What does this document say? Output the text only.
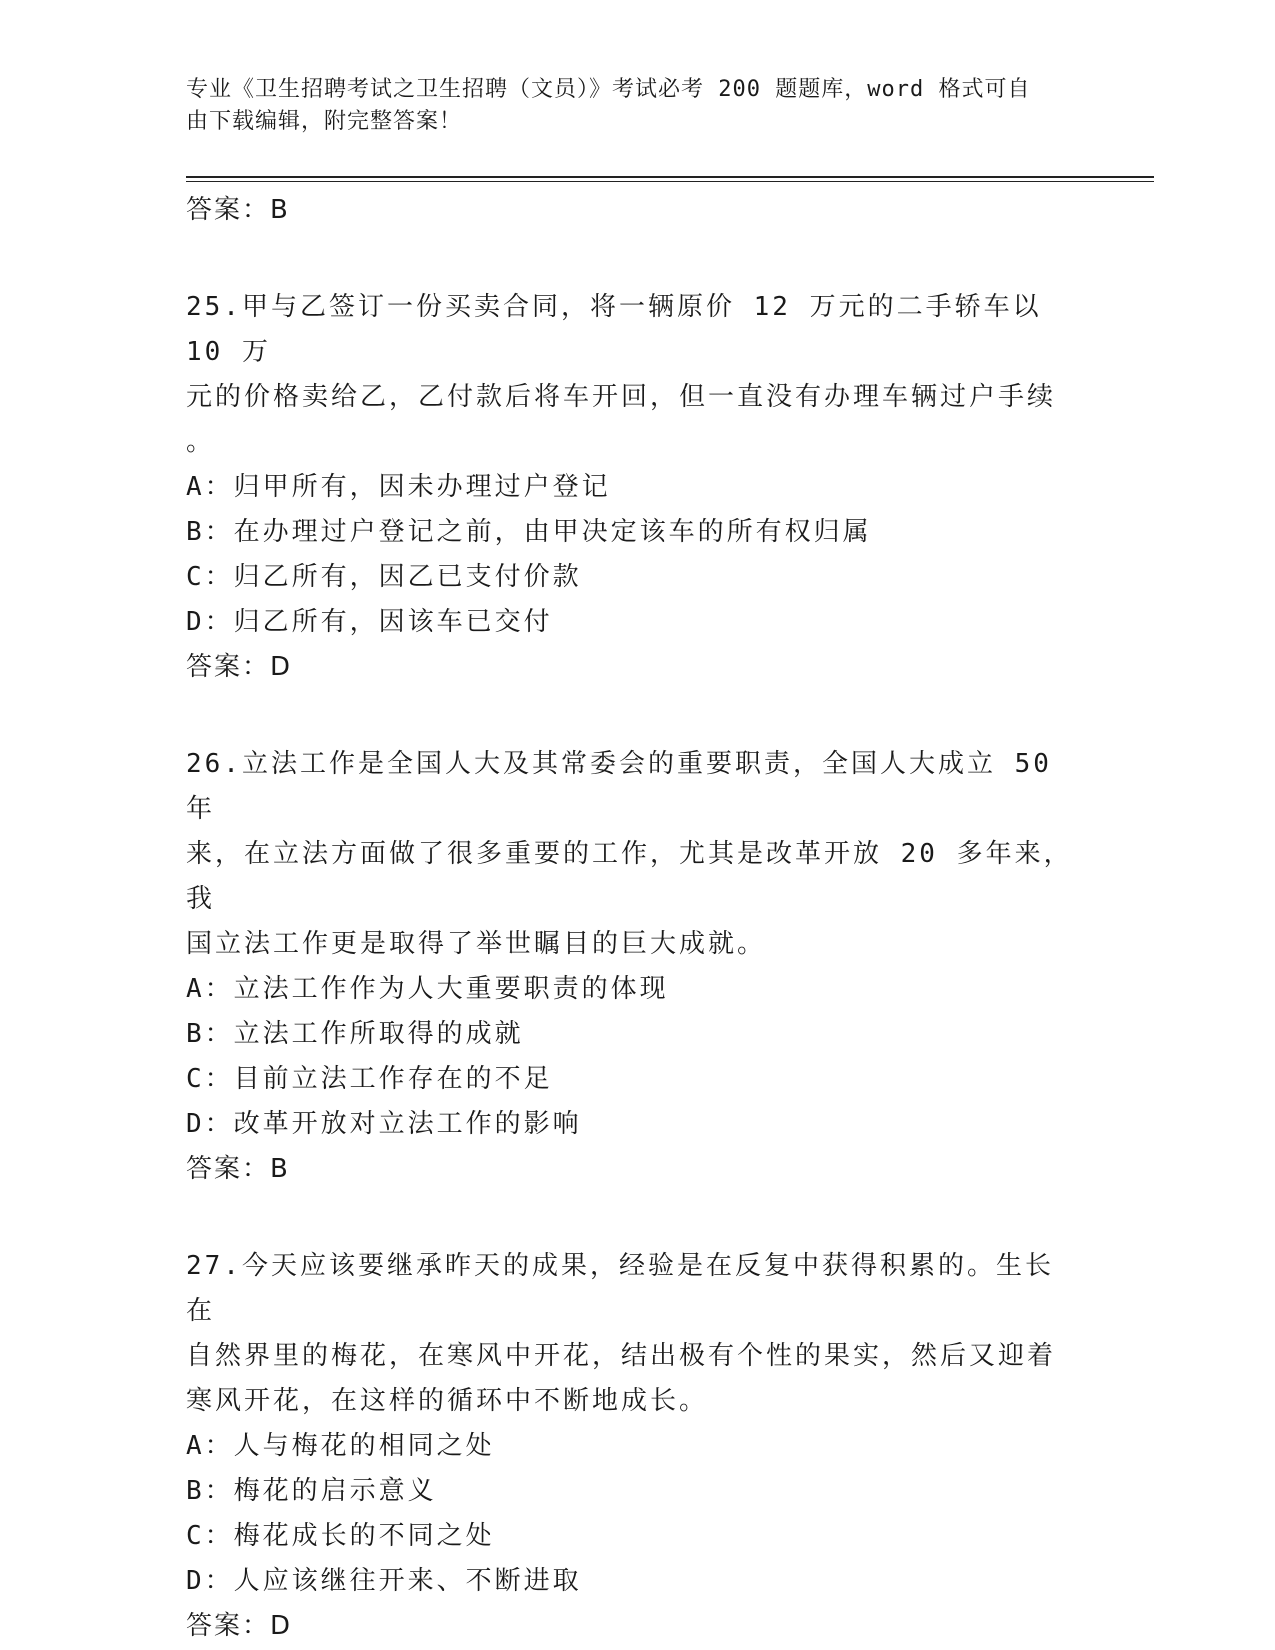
专业《卫生招聘考试之卫生招聘（文员）》考试必考 200 题题库，word 格式可自
由下载编辑，附完整答案！
答案：B
25.甲与乙签订一份买卖合同，将一辆原价 12 万元的二手轿车以 10 万
元的价格卖给乙，乙付款后将车开回，但一直没有办理车辆过户手续
。
A：归甲所有，因未办理过户登记
B：在办理过户登记之前，由甲决定该车的所有权归属
C：归乙所有，因乙已支付价款
D：归乙所有，因该车已交付
答案：D
26.立法工作是全国人大及其常委会的重要职责，全国人大成立 50 年
来，在立法方面做了很多重要的工作，尤其是改革开放 20 多年来，我
国立法工作更是取得了举世瞩目的巨大成就。
A：立法工作作为人大重要职责的体现
B：立法工作所取得的成就
C：目前立法工作存在的不足
D：改革开放对立法工作的影响
答案：B
27.今天应该要继承昨天的成果，经验是在反复中获得积累的。生长在
自然界里的梅花，在寒风中开花，结出极有个性的果实，然后又迎着
寒风开花，在这样的循环中不断地成长。
A：人与梅花的相同之处
B：梅花的启示意义
C：梅花成长的不同之处
D：人应该继往开来、不断进取
答案：D
